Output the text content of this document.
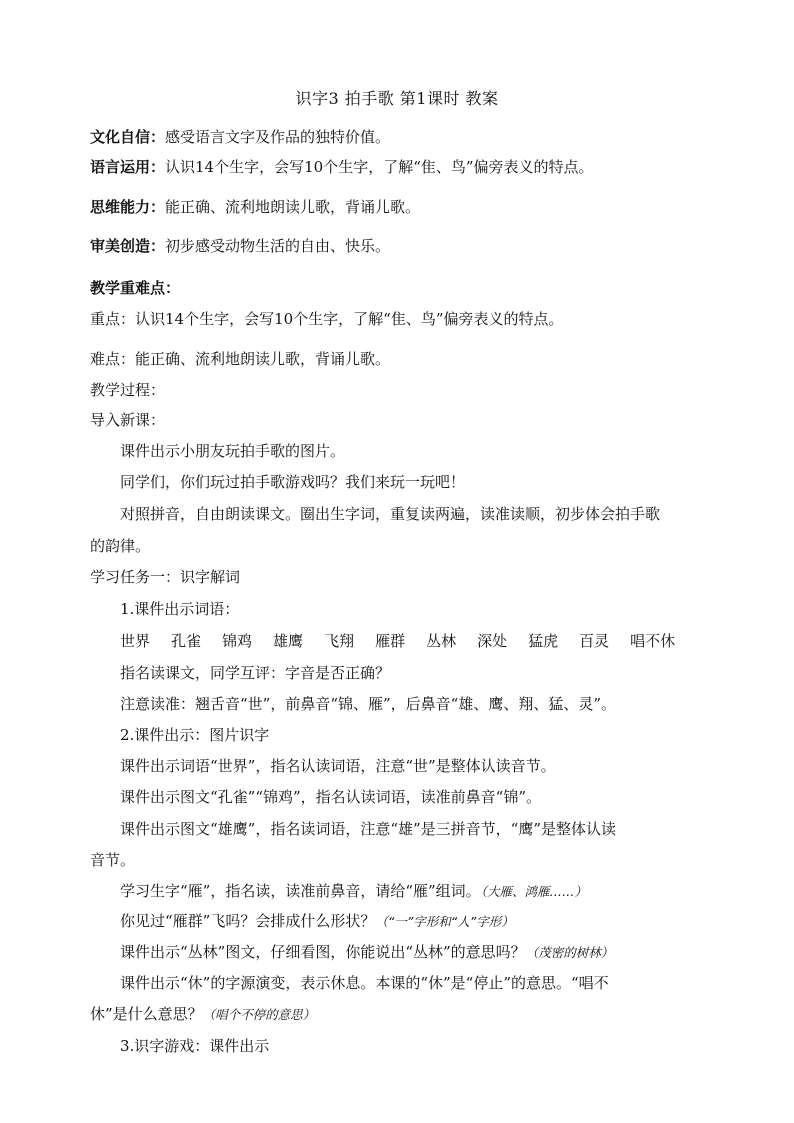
识字3 拍手歌 第1课时 教案
文化自信：感受语言文字及作品的独特价值。
语言运用：认识14个生字，会写10个生字，了解“隹、鸟”偏旁表义的特点。
思维能力：能正确、流利地朗读儿歌，背诵儿歌。
审美创造：初步感受动物生活的自由、快乐。
教学重难点：
重点：认识14个生字，会写10个生字，了解“隹、鸟”偏旁表义的特点。
难点：能正确、流利地朗读儿歌，背诵儿歌。
教学过程：
导入新课：
课件出示小朋友玩拍手歌的图片。
同学们，你们玩过拍手歌游戏吗？我们来玩一玩吧！
对照拼音，自由朗读课文。圈出生字词，重复读两遍，读准读顺，初步体会拍手歌
的韵律。
学习任务一：识字解词
1.课件出示词语：
世界 孔雀 锦鸡 雄鹰 飞翔 雁群 丛林 深处 猛虎 百灵 唱不休
指名读课文，同学互评：字音是否正确？
注意读准：翘舌音“世”，前鼻音“锦、雁”，后鼻音“雄、鹰、翔、猛、灵”。
2.课件出示：图片识字
课件出示词语“世界”，指名认读词语，注意“世”是整体认读音节。
课件出示图文“孔雀”“锦鸡”，指名认读词语，读准前鼻音“锦”。
课件出示图文“雄鹰”，指名读词语，注意“雄”是三拼音节，“鹰”是整体认读
音节。
学习生字“雁”，指名读，读准前鼻音，请给“雁”组词。（大雁、鸿雁……）
你见过“雁群”飞吗？会排成什么形状？（“一”字形和“人”字形）
课件出示“丛林”图文，仔细看图，你能说出“丛林”的意思吗？（茂密的树林）
课件出示“休”的字源演变，表示休息。本课的“休”是“停止”的意思。“唱不
休”是什么意思？（唱个不停的意思）
3.识字游戏：课件出示
